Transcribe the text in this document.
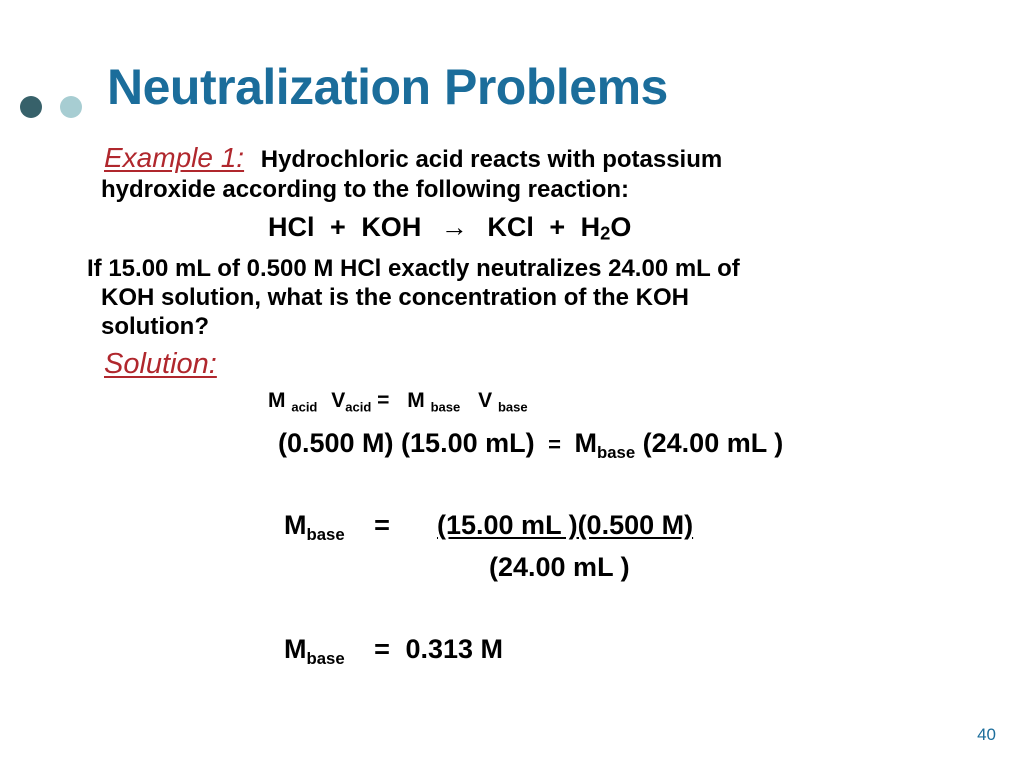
Neutralization Problems
Example 1: Hydrochloric acid reacts with potassium
hydroxide according to the following reaction:
HCl + KOH → KCl + H2O
If 15.00 mL of 0.500 M HCl exactly neutralizes 24.00 mL of
KOH solution, what is the concentration of the KOH
solution?
Solution:
M $_{acid}$ $V_{acid} = M$ $_{base}$ V $_{base}$
(0.500 M) (15.00 $mL) = M_{base}$ (24.00 mL )
$M_{base} = (15.00$ mL )(0.500 M)
(24.00 mL )
$M_{base} = 0.313$ M
40
